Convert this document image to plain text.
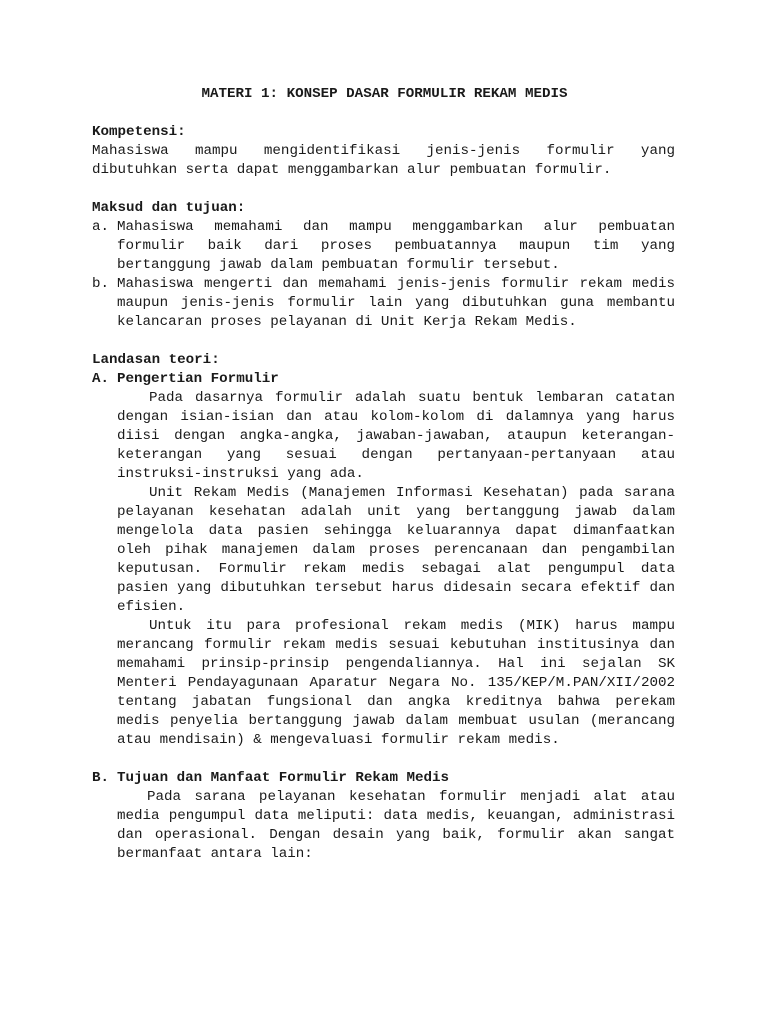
MATERI 1: KONSEP DASAR FORMULIR REKAM MEDIS
Kompetensi:
Mahasiswa mampu mengidentifikasi jenis-jenis formulir yang dibutuhkan serta dapat menggambarkan alur pembuatan formulir.
Maksud dan tujuan:
a. Mahasiswa memahami dan mampu menggambarkan alur pembuatan formulir baik dari proses pembuatannya maupun tim yang bertanggung jawab dalam pembuatan formulir tersebut.
b. Mahasiswa mengerti dan memahami jenis-jenis formulir rekam medis maupun jenis-jenis formulir lain yang dibutuhkan guna membantu kelancaran proses pelayanan di Unit Kerja Rekam Medis.
Landasan teori:
A. Pengertian Formulir
Pada dasarnya formulir adalah suatu bentuk lembaran catatan dengan isian-isian dan atau kolom-kolom di dalamnya yang harus diisi dengan angka-angka, jawaban-jawaban, ataupun keterangan-keterangan yang sesuai dengan pertanyaan-pertanyaan atau instruksi-instruksi yang ada.
Unit Rekam Medis (Manajemen Informasi Kesehatan) pada sarana pelayanan kesehatan adalah unit yang bertanggung jawab dalam mengelola data pasien sehingga keluarannya dapat dimanfaatkan oleh pihak manajemen dalam proses perencanaan dan pengambilan keputusan. Formulir rekam medis sebagai alat pengumpul data pasien yang dibutuhkan tersebut harus didesain secara efektif dan efisien.
Untuk itu para profesional rekam medis (MIK) harus mampu merancang formulir rekam medis sesuai kebutuhan institusinya dan memahami prinsip-prinsip pengendaliannya. Hal ini sejalan SK Menteri Pendayagunaan Aparatur Negara No. 135/KEP/M.PAN/XII/2002 tentang jabatan fungsional dan angka kreditnya bahwa perekam medis penyelia bertanggung jawab dalam membuat usulan (merancang atau mendisain) & mengevaluasi formulir rekam medis.
B. Tujuan dan Manfaat Formulir Rekam Medis
Pada sarana pelayanan kesehatan formulir menjadi alat atau media pengumpul data meliputi: data medis, keuangan, administrasi dan operasional. Dengan desain yang baik, formulir akan sangat bermanfaat antara lain:
